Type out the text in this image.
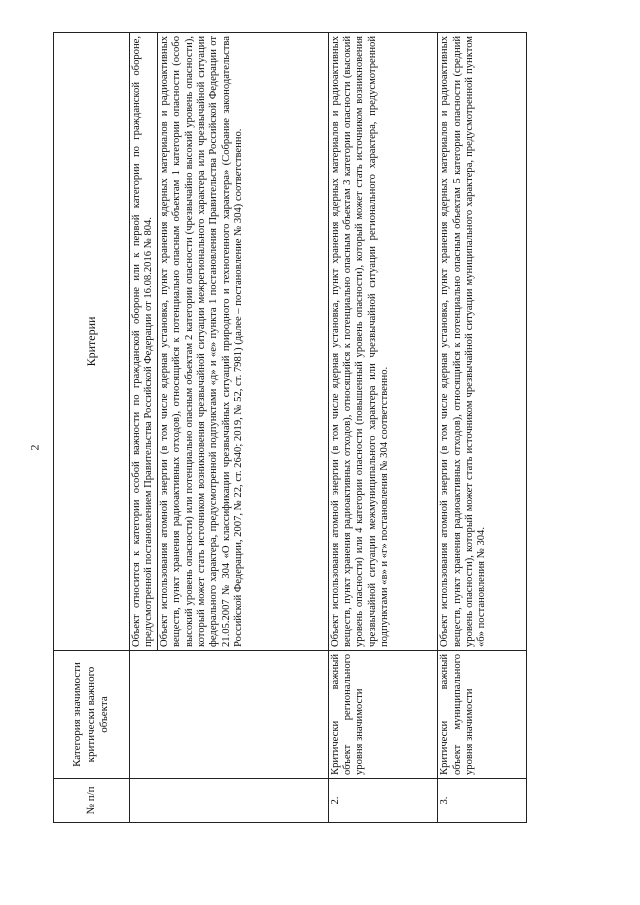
2
№ п/п	Категория значимости критически важного объекта	Критерии

		Объект относится к категории особой важности по гражданской обороне или к первой категории по гражданской обороне, предусмотренной постановлением Правительства Российской Федерации от 16.08.2016 № 804. Объект использования атомной энергии (в том числе ядерная установка, пункт хранения ядерных материалов и радиоактивных веществ, пункт хранения радиоактивных отходов), относящийся к потенциально опасным объектам 1 категории опасности (особо высокий уровень опасности) или потенциально опасным объектам 2 категории опасности (чрезвычайно высокий уровень опасности), который может стать источником возникновения чрезвычайной ситуации межрегионального характера или чрезвычайной ситуации федерального характера, предусмотренной подпунктами «д» и «е» пункта 1 постановления Правительства Российской Федерации от 21.05.2007 № 304 «О классификации чрезвычайных ситуаций природного и техногенного характера» (Собрание законодательства Российской Федерации, 2007, № 22, ст. 2640; 2019, № 52, ст. 7981) (далее – постановление № 304) соответственно.

2.	Критически важный объект регионального уровня значимости	Объект использования атомной энергии (в том числе ядерная установка, пункт хранения ядерных материалов и радиоактивных веществ, пункт хранения радиоактивных отходов), относящийся к потенциально опасным объектам 3 категории опасности (высокий уровень опасности) или 4 категории опасности (повышенный уровень опасности), который может стать источником возникновения чрезвычайной ситуации межмуниципального характера или чрезвычайной ситуации регионального характера, предусмотренной подпунктами «в» и «г» постановления № 304 соответственно.

3.	Критически важный объект муниципального уровня значимости	Объект использования атомной энергии (в том числе ядерная установка, пункт хранения ядерных материалов и радиоактивных веществ, пункт хранения радиоактивных отходов), относящийся к потенциально опасным объектам 5 категории опасности (средний уровень опасности), который может стать источником чрезвычайной ситуации муниципального характера, предусмотренной пунктом «б» постановления № 304.
